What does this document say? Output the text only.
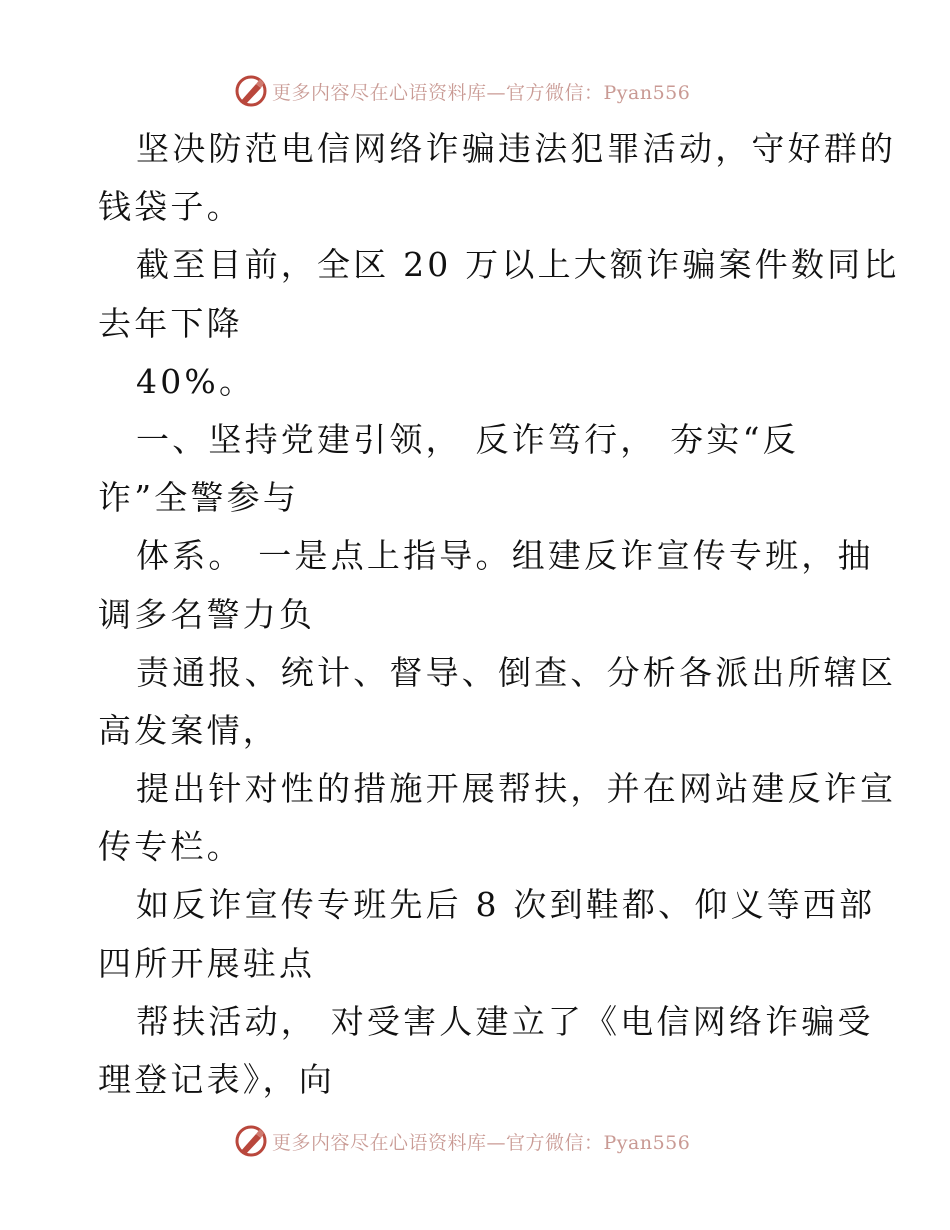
更多内容尽在心语资料库—官方微信：Pyan556
坚决防范电信网络诈骗违法犯罪活动，守好群的
钱袋子。
截至目前，全区 20 万以上大额诈骗案件数同比
去年下降
40%。
一、坚持党建引领， 反诈笃行， 夯实“反
诈”全警参与
体系。 一是点上指导。组建反诈宣传专班，抽
调多名警力负
责通报、统计、督导、倒查、分析各派出所辖区
高发案情，
提出针对性的措施开展帮扶，并在网站建反诈宣
传专栏。
如反诈宣传专班先后 8 次到鞋都、仰义等西部
四所开展驻点
帮扶活动， 对受害人建立了《电信网络诈骗受
理登记表》，向
更多内容尽在心语资料库—官方微信：Pyan556
